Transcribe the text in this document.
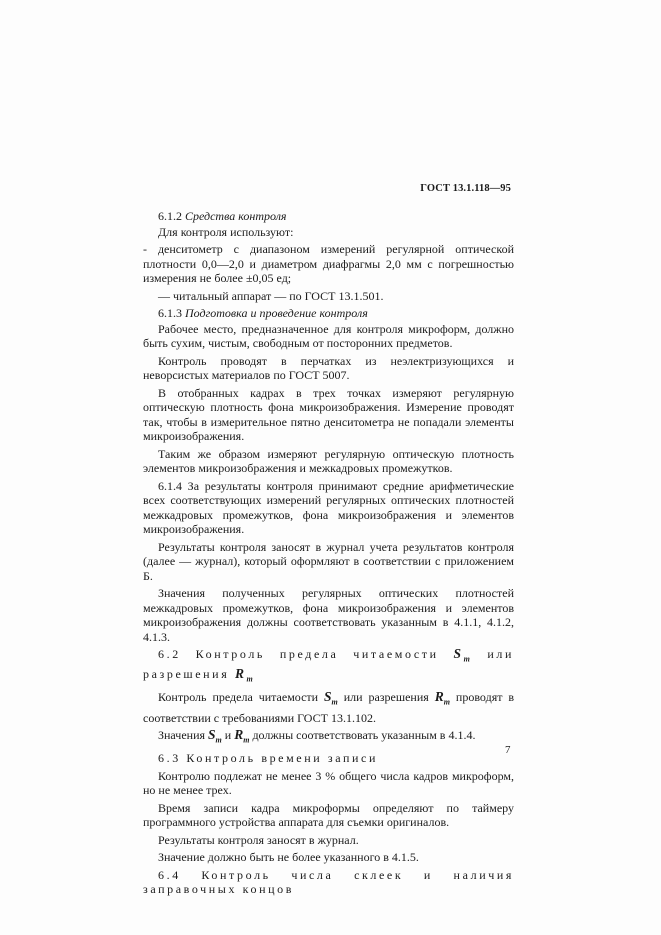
ГОСТ 13.1.118—95

6.1.2 Средства контроля

Для контроля используют:

- денситометр с диапазоном измерений регулярной оптической плотности 0,0—2,0 и диаметром диафрагмы 2,0 мм с погрешностью измерения не более ±0,05 ед;

— читальный аппарат — по ГОСТ 13.1.501.

6.1.3 Подготовка и проведение контроля

Рабочее место, предназначенное для контроля микроформ, должно быть сухим, чистым, свободным от посторонних предметов.

Контроль проводят в перчатках из неэлектризующихся и неворсистых материалов по ГОСТ 5007.

В отобранных кадрах в трех точках измеряют регулярную оптическую плотность фона микроизображения. Измерение проводят так, чтобы в измерительное пятно денситометра не попадали элементы микроизображения.

Таким же образом измеряют регулярную оптическую плотность элементов микроизображения и межкадровых промежутков.

6.1.4 За результаты контроля принимают средние арифметические всех соответствующих измерений регулярных оптических плотностей межкадровых промежутков, фона микроизображения и элементов микроизображения.

Результаты контроля заносят в журнал учета результатов контроля (далее — журнал), который оформляют в соответствии с приложением Б.

Значения полученных регулярных оптических плотностей межкадровых промежутков, фона микроизображения и элементов микроизображения должны соответствовать указанным в 4.1.1, 4.1.2, 4.1.3.

6.2 Контроль предела читаемости $S_m$ или разрешения $R_m$

Контроль предела читаемости $S_m$ или разрешения $R_m$ проводят в соответствии с требованиями ГОСТ 13.1.102.

Значения $S_m$ и $R_m$ должны соответствовать указанным в 4.1.4.

6.3 Контроль времени записи

Контролю подлежат не менее 3 % общего числа кадров микроформ, но не менее трех.

Время записи кадра микроформы определяют по таймеру программного устройства аппарата для съемки оригиналов.

Результаты контроля заносят в журнал.

Значение должно быть не более указанного в 4.1.5.

6.4 Контроль числа склеек и наличия заправочных концов

7
